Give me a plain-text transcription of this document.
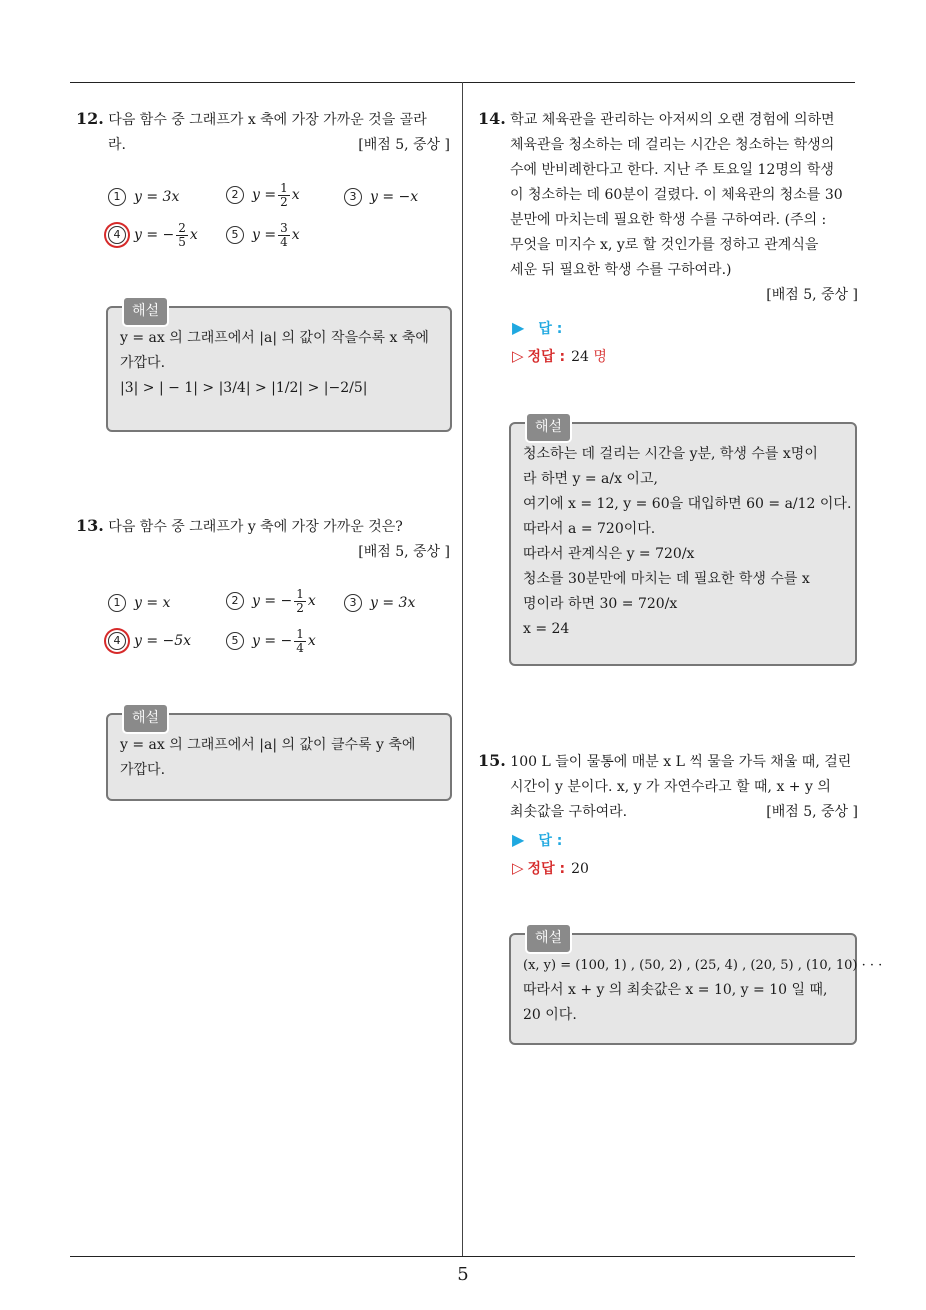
5
12. 다음 함수 중 그래프가 x 축에 가장 가까운 것을 골라
라.	[배점 5, 중상 ]
1 y = 3x	2 $y = \frac{1}{2}$ x	3 y = −x
4 y = − $\frac{2}{5}$ x	5 $y = \frac{3}{4}$ x
해설
y = ax 의 그래프에서 |a| 의 값이 작을수록 x 축에
가깝다.
|3| > | − 1| > |3/4| > |1/2| > |−2/5|
13. 다음 함수 중 그래프가 y 축에 가장 가까운 것은?
[배점 5, 중상 ]
1 y = x	2 y = − $\frac{1}{2}$ x	3 y = 3x
4 y = −5x	5 y = − $\frac{1}{4}$ x
해설
y = ax 의 그래프에서 |a| 의 값이 클수록 y 축에
가깝다.
14. 학교 체육관을 관리하는 아저씨의 오랜 경험에 의하면
체육관을 청소하는 데 걸리는 시간은 청소하는 학생의
수에 반비례한다고 한다. 지난 주 토요일 12명의 학생
이 청소하는 데 60분이 걸렸다. 이 체육관의 청소를 30
분만에 마치는데 필요한 학생 수를 구하여라. (주의 :
무엇을 미지수 x, y로 할 것인가를 정하고 관계식을
세운 뒤 필요한 학생 수를 구하여라.)
[배점 5, 중상 ]
▶ 답 :
▷ 정답 : 24 명
해설
청소하는 데 걸리는 시간을 y분, 학생 수를 x명이
라 하면 y = a/x 이고,
여기에 x = 12, y = 60을 대입하면 60 = a/12 이다.
따라서 a = 720이다.
따라서 관계식은 y = 720/x
청소를 30분만에 마치는 데 필요한 학생 수를 x
명이라 하면 30 = 720/x
x = 24
15. 100 L 들이 물통에 매분 x L 씩 물을 가득 채울 때, 걸린
시간이 y 분이다. x, y 가 자연수라고 할 때, x + y 의
최솟값을 구하여라.	[배점 5, 중상 ]
▶ 답 :
▷ 정답 : 20
해설
(x, y) = (100, 1) , (50, 2) , (25, 4) , (20, 5) , (10, 10) · · ·
따라서 x + y 의 최솟값은 x = 10, y = 10 일 때,
20 이다.
